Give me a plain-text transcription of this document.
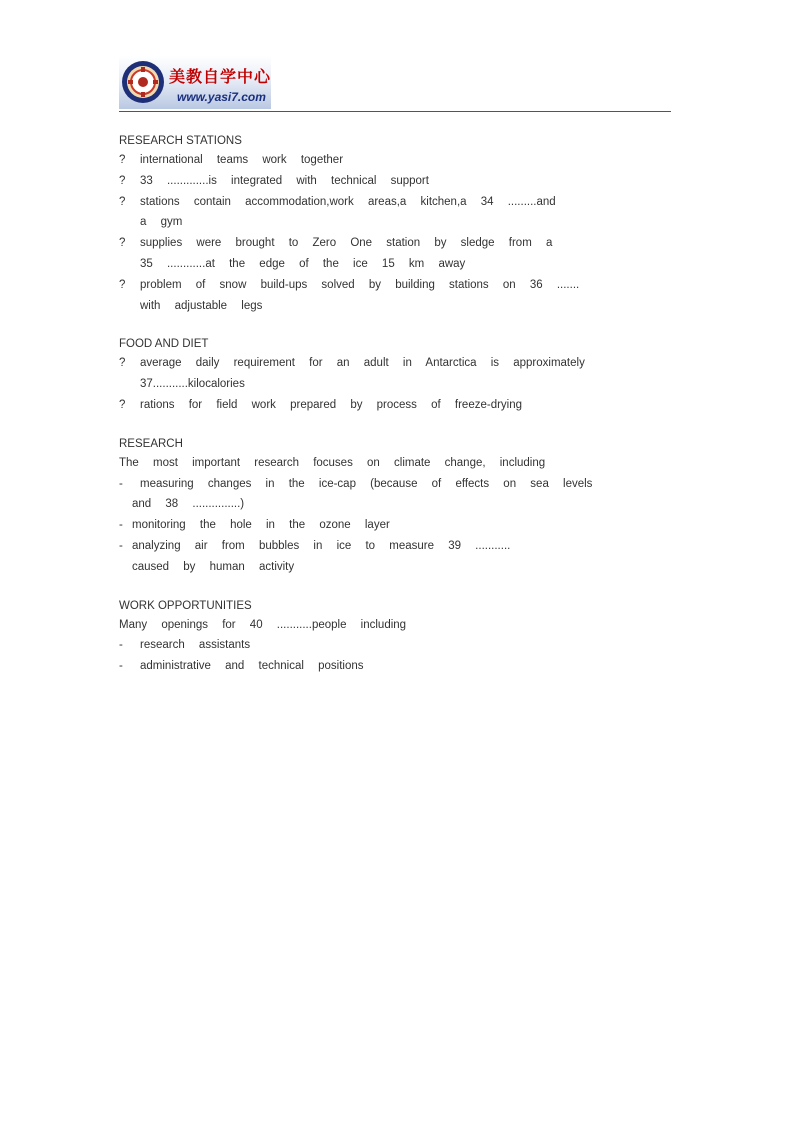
美教自学中心
www.yasi7.com
RESEARCH STATIONS
? international teams work together
? 33 .............is integrated with technical support
? stations contain accommodation,work areas,a kitchen,a 34 .........and
a gym
? supplies were brought to Zero One station by sledge from a
35 ............at the edge of the ice 15 km away
? problem of snow build-ups solved by building stations on 36 .......
with adjustable legs
FOOD AND DIET
? average daily requirement for an adult in Antarctica is approximately
37...........kilocalories
? rations for field work prepared by process of freeze-drying
RESEARCH
The most important research focuses on climate change, including
- measuring changes in the ice-cap (because of effects on sea levels
and 38 ...............)
- monitoring the hole in the ozone layer
- analyzing air from bubbles in ice to measure 39 ...........
caused by human activity
WORK OPPORTUNITIES
Many openings for 40 ...........people including
- research assistants
- administrative and technical positions
